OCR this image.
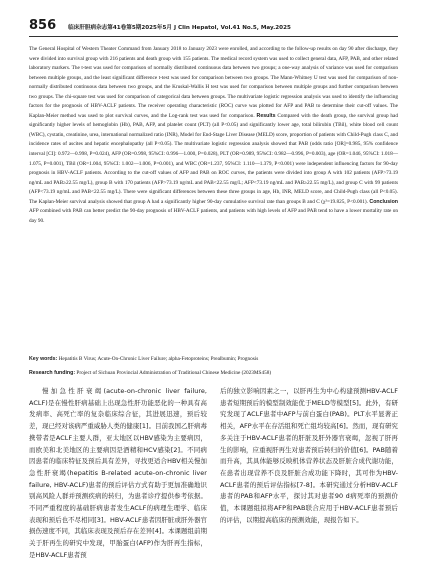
856 临床肝胆病杂志第41卷第5期2025年5月 J Clin Hepatol, Vol.41 No.5, May.2025

The General Hospital of Western Theater Command from January 2018 to January 2023 were enrolled, and according to the follow-up results on day 90 after discharge, they were divided into survival group with 216 patients and death group with 155 patients. The medical record system was used to collect general data, AFP, PAB, and other related laboratory markers. The t-test was used for comparison of normally distributed continuous data between two groups; a one-way analysis of variance was used for comparison between multiple groups, and the least significant difference t-test was used for comparison between two groups. The Mann-Whitney U test was used for comparison of non-normally distributed continuous data between two groups, and the Kruskal-Wallis H test was used for comparison between multiple groups and further comparison between two groups. The chi-square test was used for comparison of categorical data between groups. The multivariate logistic regression analysis was used to identify the influencing factors for the prognosis of HBV-ACLF patients. The receiver operating characteristic (ROC) curve was plotted for AFP and PAB to determine their cut-off values. The Kaplan-Meier method was used to plot survival curves, and the Log-rank test was used for comparison. Results Compared with the death group, the survival group had significantly higher levels of hemoglobin (Hb), PAB, AFP, and platelet count (PLT) (all P<0.05) and significantly lower age, total bilirubin (TBil), white blood cell count (WBC), cystatin, creatinine, urea, international normalized ratio (INR), Model for End-Stage Liver Disease (MELD) score, proportion of patients with Child-Pugh class C, and incidence rates of ascites and hepatic encephalopathy (all P<0.05). The multivariate logistic regression analysis showed that PAB (odds ratio [OR]=0.985, 95% confidence interval [CI]: 0.972—0.998, P=0.024), AFP (OR=0.998, 95%CI: 0.996—1.000, P=0.028), PLT (OR=0.989, 95%CI: 0.982—0.996, P=0.003), age (OR=1.046, 95%CI: 1.018—1.075, P=0.001), TBil (OR=1.004, 95%CI: 1.002—1.006, P=0.001), and WBC (OR=1.237, 95%CI: 1.110—1.379, P<0.001) were independent influencing factors for 90-day prognosis in HBV-ACLF patients. According to the cut-off values of AFP and PAB on ROC curves, the patients were divided into group A with 102 patients (AFP>73.19 ng/mL and PAB≥22.55 mg/L), group B with 170 patients (AFP>73.19 ng/mL and PAB<22.55 mg/L; AFP<73.19 ng/mL and PAB≥22.55 mg/L), and group C with 99 patients (AFP<73.19 ng/mL and PAB<22.55 mg/L). There were significant differences between these three groups in age, Hb, INR, MELD score, and Child-Pugh class (all P<0.05). The Kaplan-Meier survival analysis showed that group A had a significantly higher 90-day cumulative survival rate than groups B and C (χ²=19.825, P<0.001). Conclusion AFP combined with PAB can better predict the 90-day prognosis of HBV-ACLF patients, and patients with high levels of AFP and PAB tend to have a lower mortality rate on day 90.

Key words: Hepatitis B Virus; Acute-On-Chronic Liver Failure; alpha-Fetoproteins; Prealbumin; Prognosis

Research funding: Project of Sichuan Provincial Administration of Traditional Chinese Medicine (2023MS458)

慢加急性肝衰竭(acute-on-chronic liver failure, ACLF)是在慢性肝病基础上出现急性肝功能恶化的一种具有高发病率、高死亡率的复杂临床综合征，其进展迅速，预后较差，现已经对该病严重威胁人类的健康[1]。目前我国乙肝病毒携带者是ACLF主要人群，亚太地区以HBV感染为主要病因，而欧美和北美地区的主要病因是酒精和HCV感染[2]。不同病因患者的临床特征及预后具有差异，寻找更适合HBV相关慢加急性肝衰竭(hepatitis B-related acute-on-chronic liver failure, HBV-ACLF)患者的预后评估方式有助于更加准确地识别高风险人群并预测疾病的转归，为患者诊疗提供参考依据。不同严重程度的基础肝病患者发生ACLF的病理生理学、临床表现和预后也不尽相同[3]。HBV-ACLF患者因肝脏或肝外器官损伤速度不同，其临床表现及预后存在差异[4]。本课题组前期关于肝再生的研究中发现，甲胎蛋白(AFP)作为肝再生指标，是HBV-ACLF患者预

后的独立影响因素之一，以肝再生为中心构建预测HBV-ACLF患者短期预后的模型制效能优于MELD等模型[5]。此外，有研究发现了ACLF患者中AFP与前白蛋白(PAB)。PLT水平显著正相关，AFP水平在存活组和死亡组均较高[6]。然而，现有研究多关注于HBV-ACLF患者的肝脏及肝外器官衰竭，忽视了肝再生的影响，应重视肝再生对患者预后转归的价值[6]。PAB随着而升高，其具体能够反映机体营养状态及肝脏合成代谢功能，在患者出现营养不良及肝脏合成功能下降时，其可作为HBV-ACLF患者的预后评估指标[7-8]。本研究通过分析HBV-ACLF患者的PAB和AFP水平，探讨其对患者90 d病死率的预测价值，本课题组拟将AFP和PAB联合应用于HBV-ACLF患者预后的评估，以期提高临床的预测效能，现报告如下。
